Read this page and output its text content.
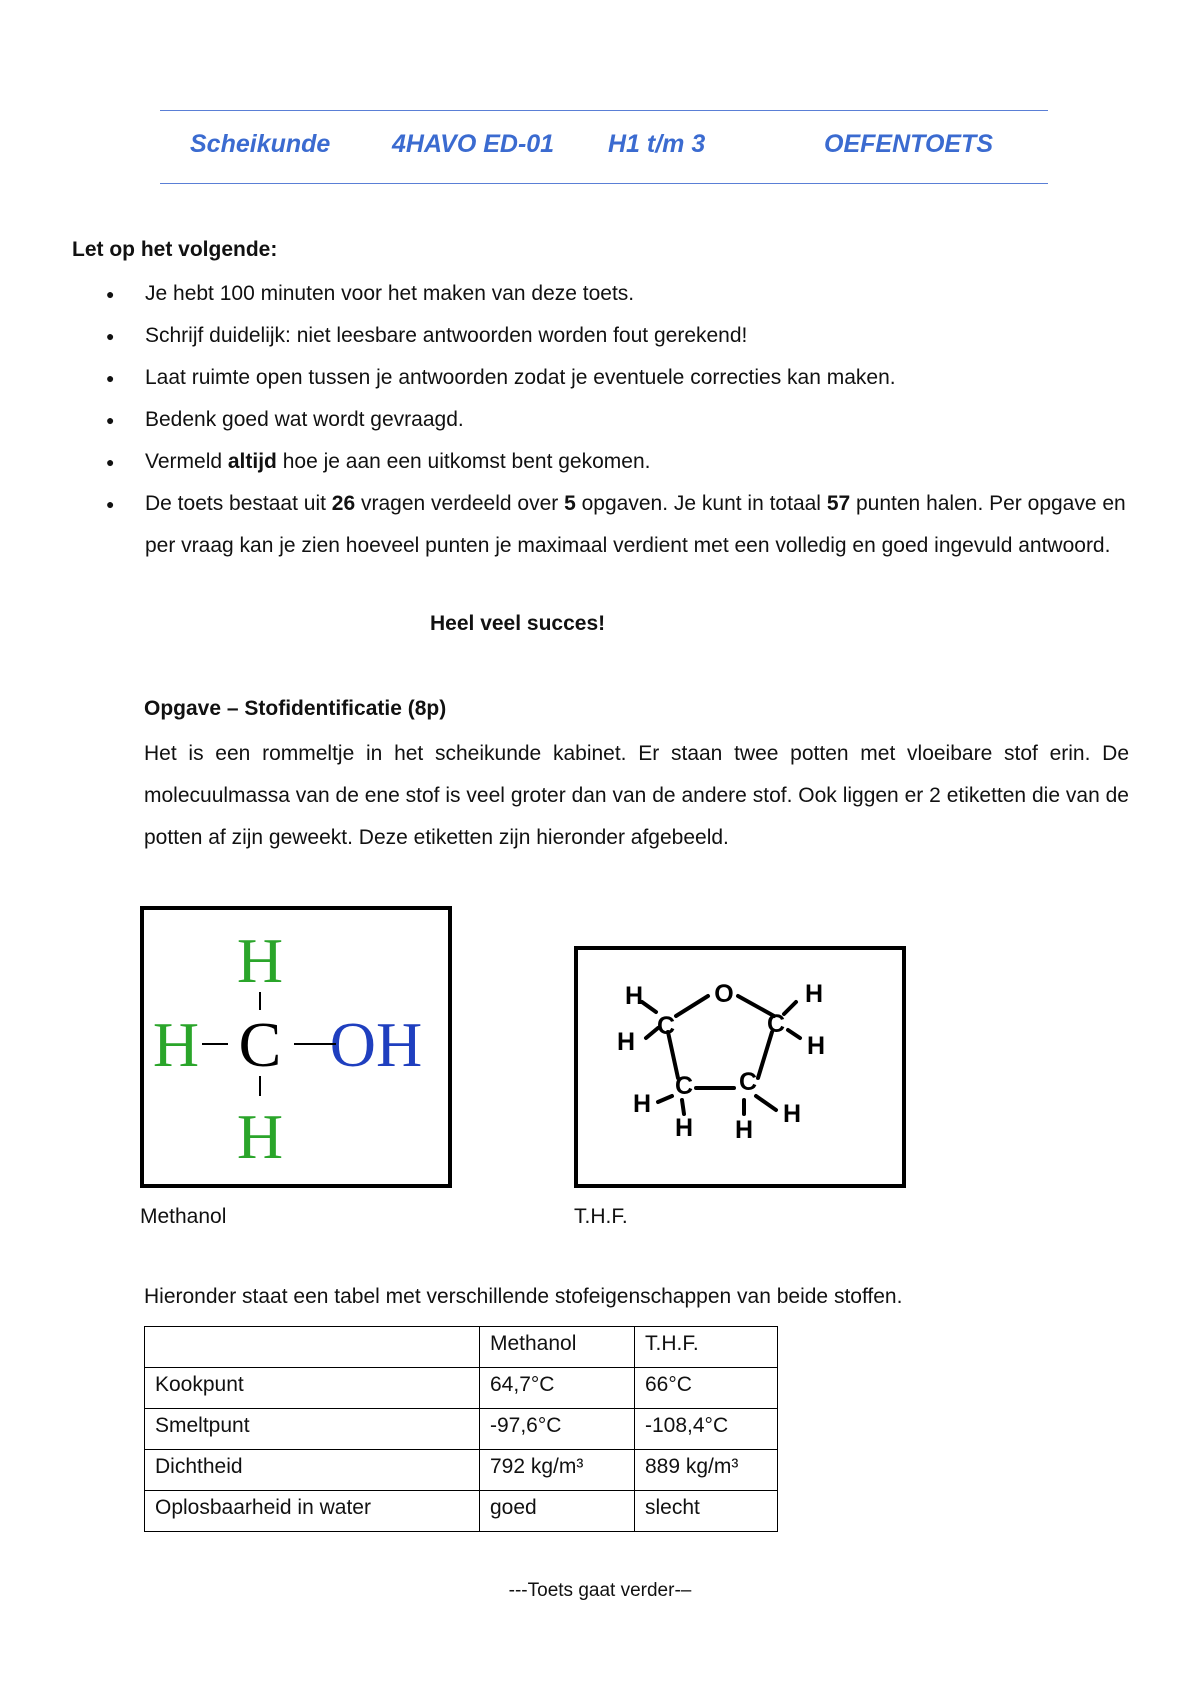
Scheikunde 4HAVO ED-01 H1 t/m 3	OEFENTOETS
Let op het volgende:
● Je hebt 100 minuten voor het maken van deze toets.
● Schrijf duidelijk: niet leesbare antwoorden worden fout gerekend!
● Laat ruimte open tussen je antwoorden zodat je eventuele correcties kan maken.
● Bedenk goed wat wordt gevraagd.
● Vermeld altijd hoe je aan een uitkomst bent gekomen.
● De toets bestaat uit 26 vragen verdeeld over 5 opgaven. Je kunt in totaal 57 punten halen. Per opgave en per vraag kan je zien hoeveel punten je maximaal verdient met een volledig en goed ingevuld antwoord.
Heel veel succes!
Opgave – Stofidentificatie (8p)
Het is een rommeltje in het scheikunde kabinet. Er staan twee potten met vloeibare stof erin. De molecuulmassa van de ene stof is veel groter dan van de andere stof. Ook liggen er 2 etiketten die van de potten af zijn geweekt. Deze etiketten zijn hieronder afgebeeld.
H
H C OH
H
Methanol
O
C	C
C C
H
H
H
H
H
H H
H
T.H.F.
Hieronder staat een tabel met verschillende stofeigenschappen van beide stoffen.
	Methanol	T.H.F.
Kookpunt	64,7°C	66°C
Smeltpunt	-97,6°C	-108,4°C
Dichtheid	792 kg/m³	889 kg/m³
Oplosbaarheid in water	goed	slecht
---Toets gaat verder-–
